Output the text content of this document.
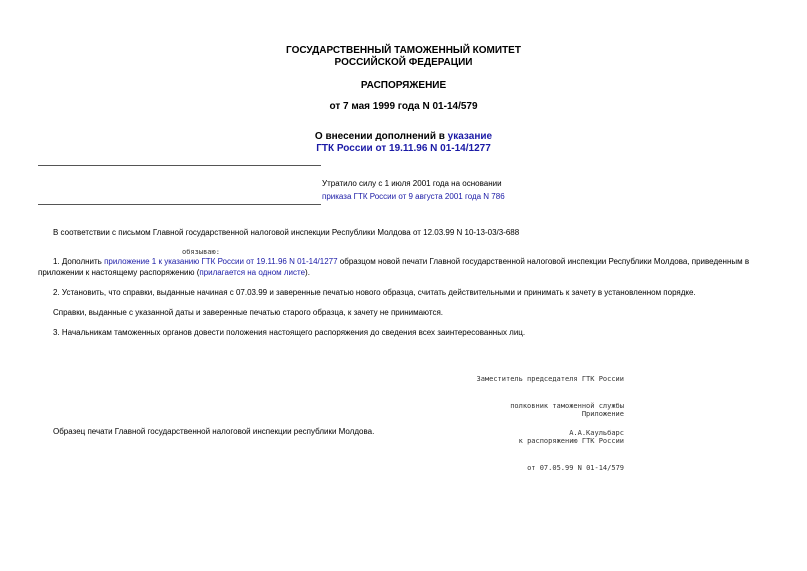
ГОСУДАРСТВЕННЫЙ ТАМОЖЕННЫЙ КОМИТЕТ
РОССИЙСКОЙ ФЕДЕРАЦИИ
РАСПОРЯЖЕНИЕ
от 7 мая 1999 года N 01-14/579
О внесении дополнений в указание
ГТК России от 19.11.96 N 01-14/1277
Утратило силу с 1 июля 2001 года на основании
приказа ГТК России от 9 августа 2001 года N 786
В соответствии с письмом Главной государственной налоговой инспекции Республики Молдова от 12.03.99 N 10-13-03/3-688
обязываю:
1. Дополнить приложение 1 к указанию ГТК России от 19.11.96 N 01-14/1277 образцом новой печати Главной государственной налоговой инспекции Республики Молдова, приведенным в приложении к настоящему распоряжению (прилагается на одном листе).
2. Установить, что справки, выданные начиная с 07.03.99 и заверенные печатью нового образца, считать действительными и принимать к зачету в установленном порядке.
Справки, выданные с указанной даты и заверенные печатью старого образца, к зачету не принимаются.
3. Начальникам таможенных органов довести положения настоящего распоряжения до сведения всех заинтересованных лиц.

Заместитель председателя ГТК России

полковник таможенной службы

А.А.Каульбарс

Приложение

к распоряжению ГТК России

от 07.05.99 N 01-14/579

Образец печати Главной государственной налоговой инспекции республики Молдова.
